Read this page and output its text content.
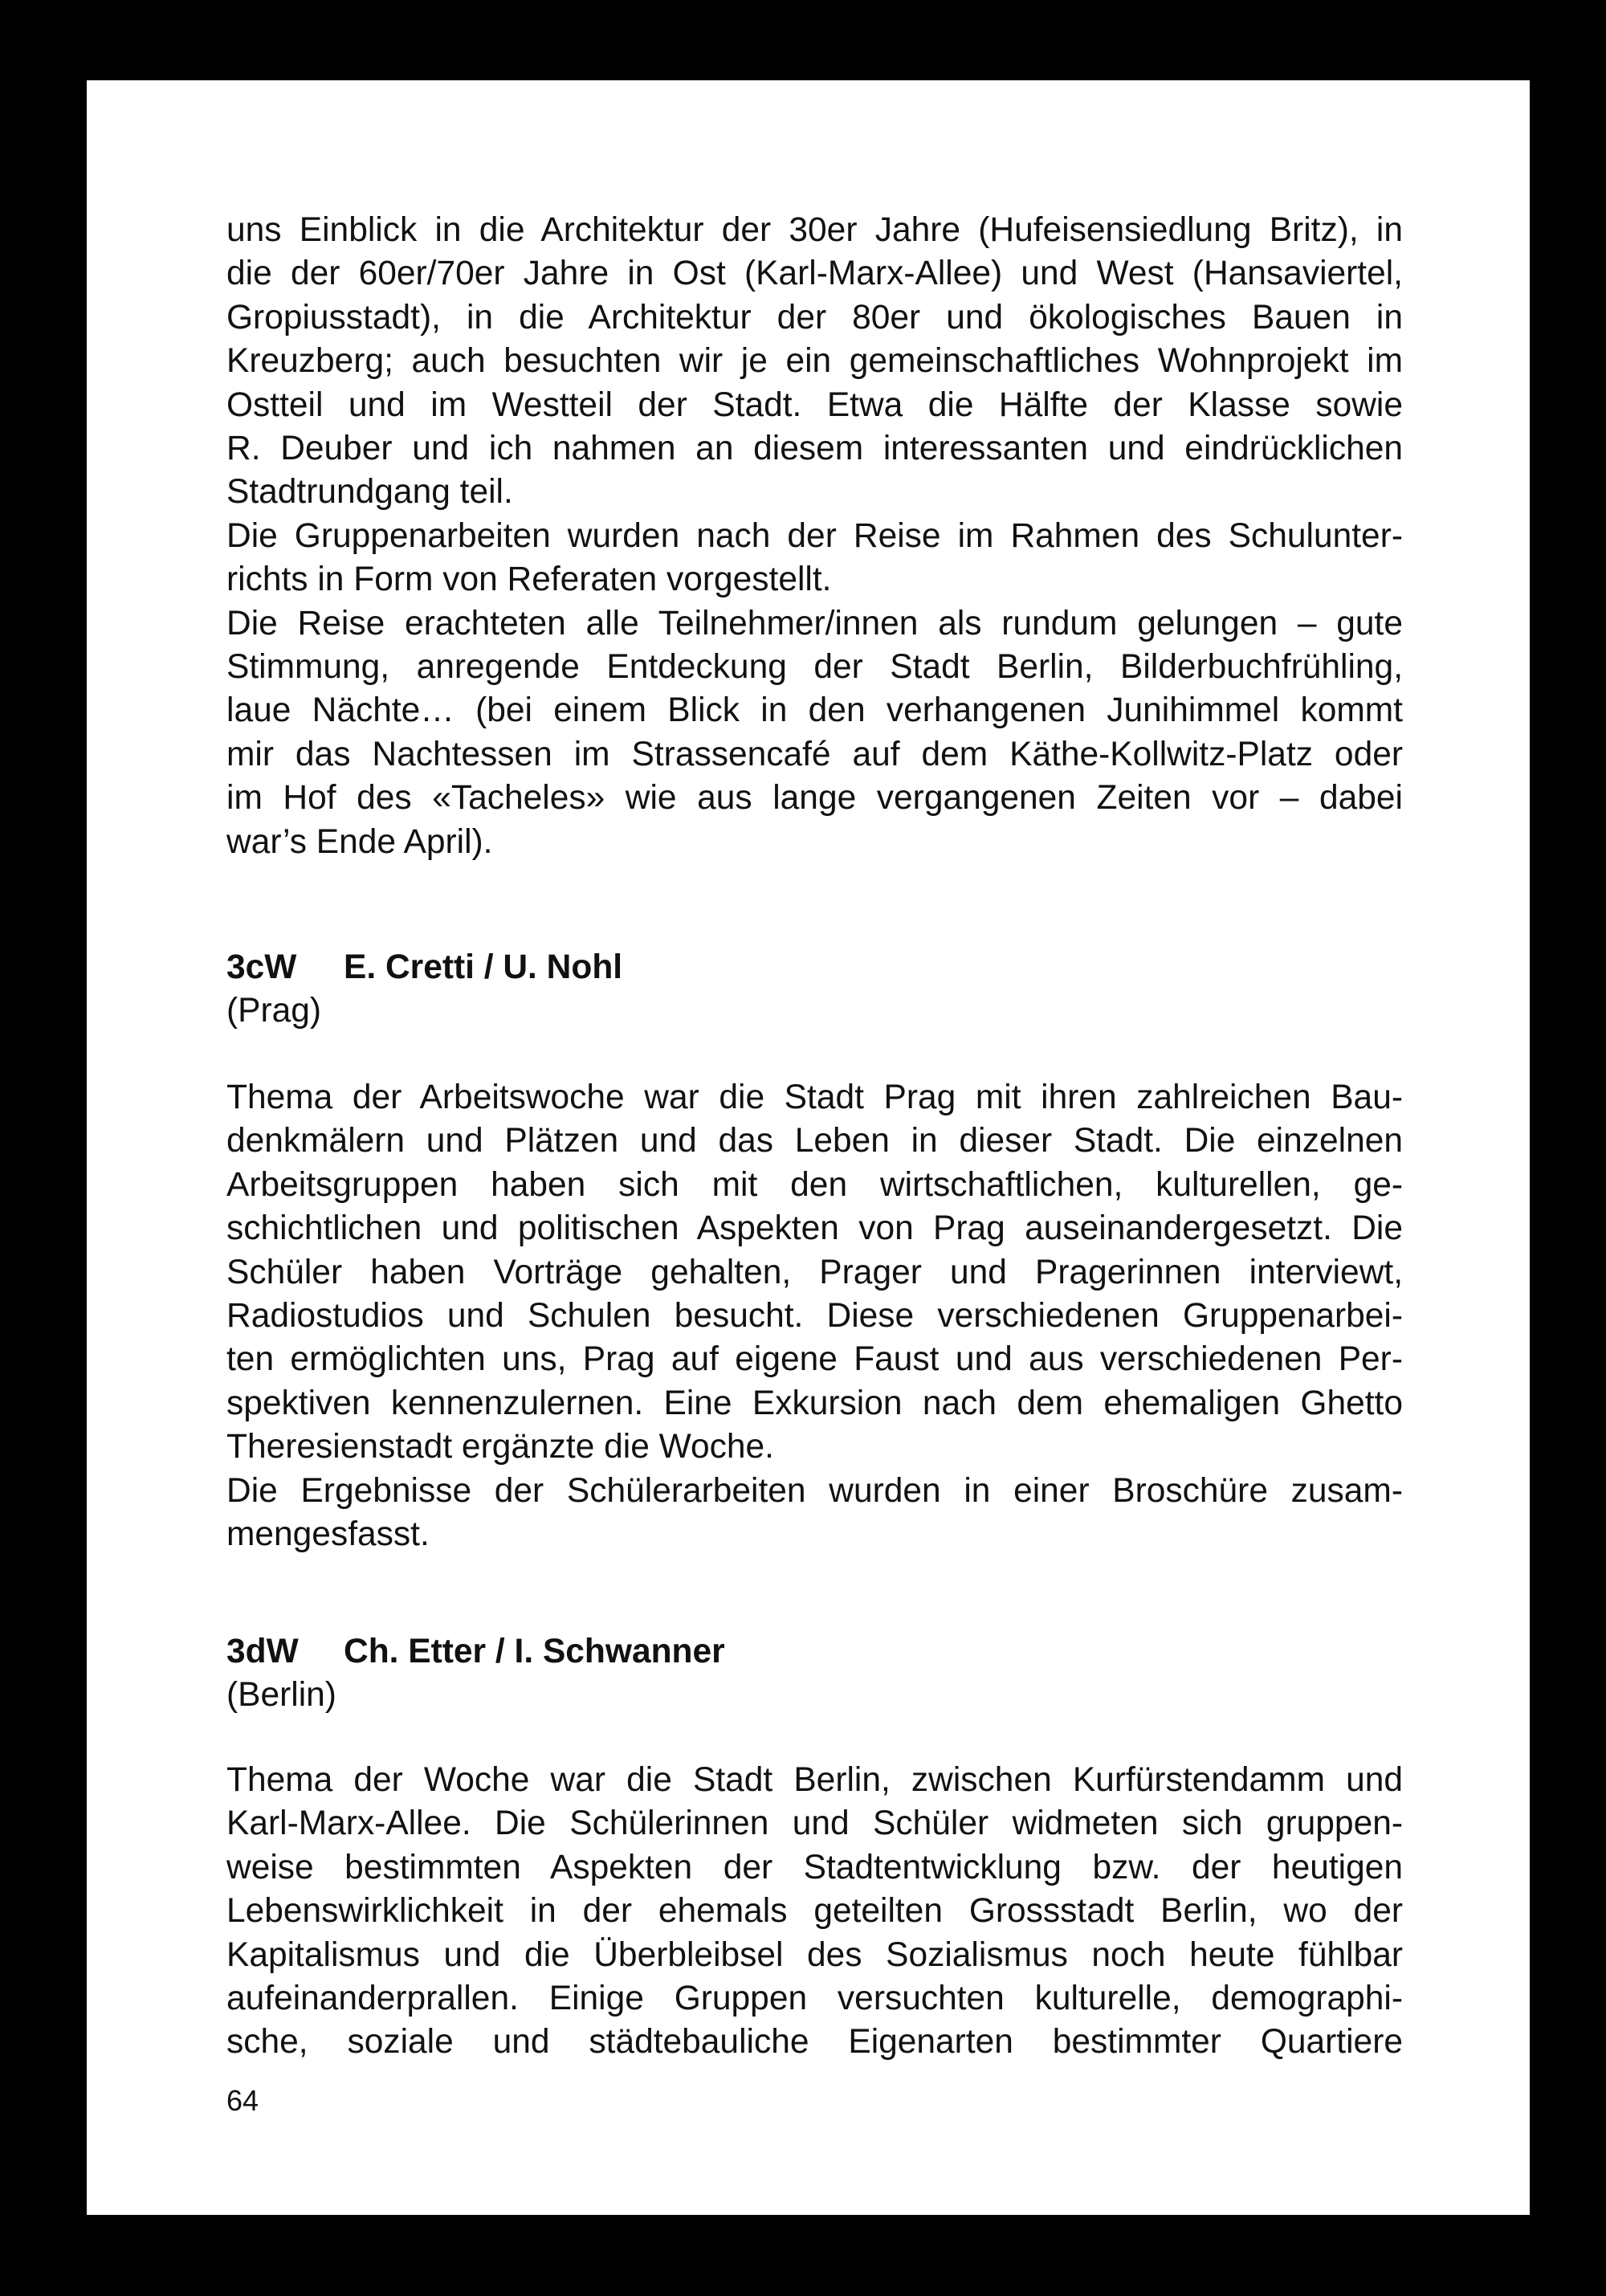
uns Einblick in die Architektur der 30er Jahre (Hufeisensiedlung Britz), in
die der 60er/70er Jahre in Ost (Karl-Marx-Allee) und West (Hansaviertel,
Gropiusstadt), in die Architektur der 80er und ökologisches Bauen in
Kreuzberg; auch besuchten wir je ein gemeinschaftliches Wohnprojekt im
Ostteil und im Westteil der Stadt. Etwa die Hälfte der Klasse sowie
R. Deuber und ich nahmen an diesem interessanten und eindrücklichen
Stadtrundgang teil.
Die Gruppenarbeiten wurden nach der Reise im Rahmen des Schulunter-
richts in Form von Referaten vorgestellt.
Die Reise erachteten alle Teilnehmer/innen als rundum gelungen – gute
Stimmung, anregende Entdeckung der Stadt Berlin, Bilderbuchfrühling,
laue Nächte… (bei einem Blick in den verhangenen Junihimmel kommt
mir das Nachtessen im Strassencafé auf dem Käthe-Kollwitz-Platz oder
im Hof des «Tacheles» wie aus lange vergangenen Zeiten vor – dabei
war’s Ende April).
3cW E. Cretti / U. Nohl
(Prag)
Thema der Arbeitswoche war die Stadt Prag mit ihren zahlreichen Bau-
denkmälern und Plätzen und das Leben in dieser Stadt. Die einzelnen
Arbeitsgruppen haben sich mit den wirtschaftlichen, kulturellen, ge-
schichtlichen und politischen Aspekten von Prag auseinandergesetzt. Die
Schüler haben Vorträge gehalten, Prager und Pragerinnen interviewt,
Radiostudios und Schulen besucht. Diese verschiedenen Gruppenarbei-
ten ermöglichten uns, Prag auf eigene Faust und aus verschiedenen Per-
spektiven kennenzulernen. Eine Exkursion nach dem ehemaligen Ghetto
Theresienstadt ergänzte die Woche.
Die Ergebnisse der Schülerarbeiten wurden in einer Broschüre zusam-
mengesfasst.
3dW Ch. Etter / I. Schwanner
(Berlin)
Thema der Woche war die Stadt Berlin, zwischen Kurfürstendamm und
Karl-Marx-Allee. Die Schülerinnen und Schüler widmeten sich gruppen-
weise bestimmten Aspekten der Stadtentwicklung bzw. der heutigen
Lebenswirklichkeit in der ehemals geteilten Grossstadt Berlin, wo der
Kapitalismus und die Überbleibsel des Sozialismus noch heute fühlbar
aufeinanderprallen. Einige Gruppen versuchten kulturelle, demographi-
sche, soziale und städtebauliche Eigenarten bestimmter Quartiere
64
